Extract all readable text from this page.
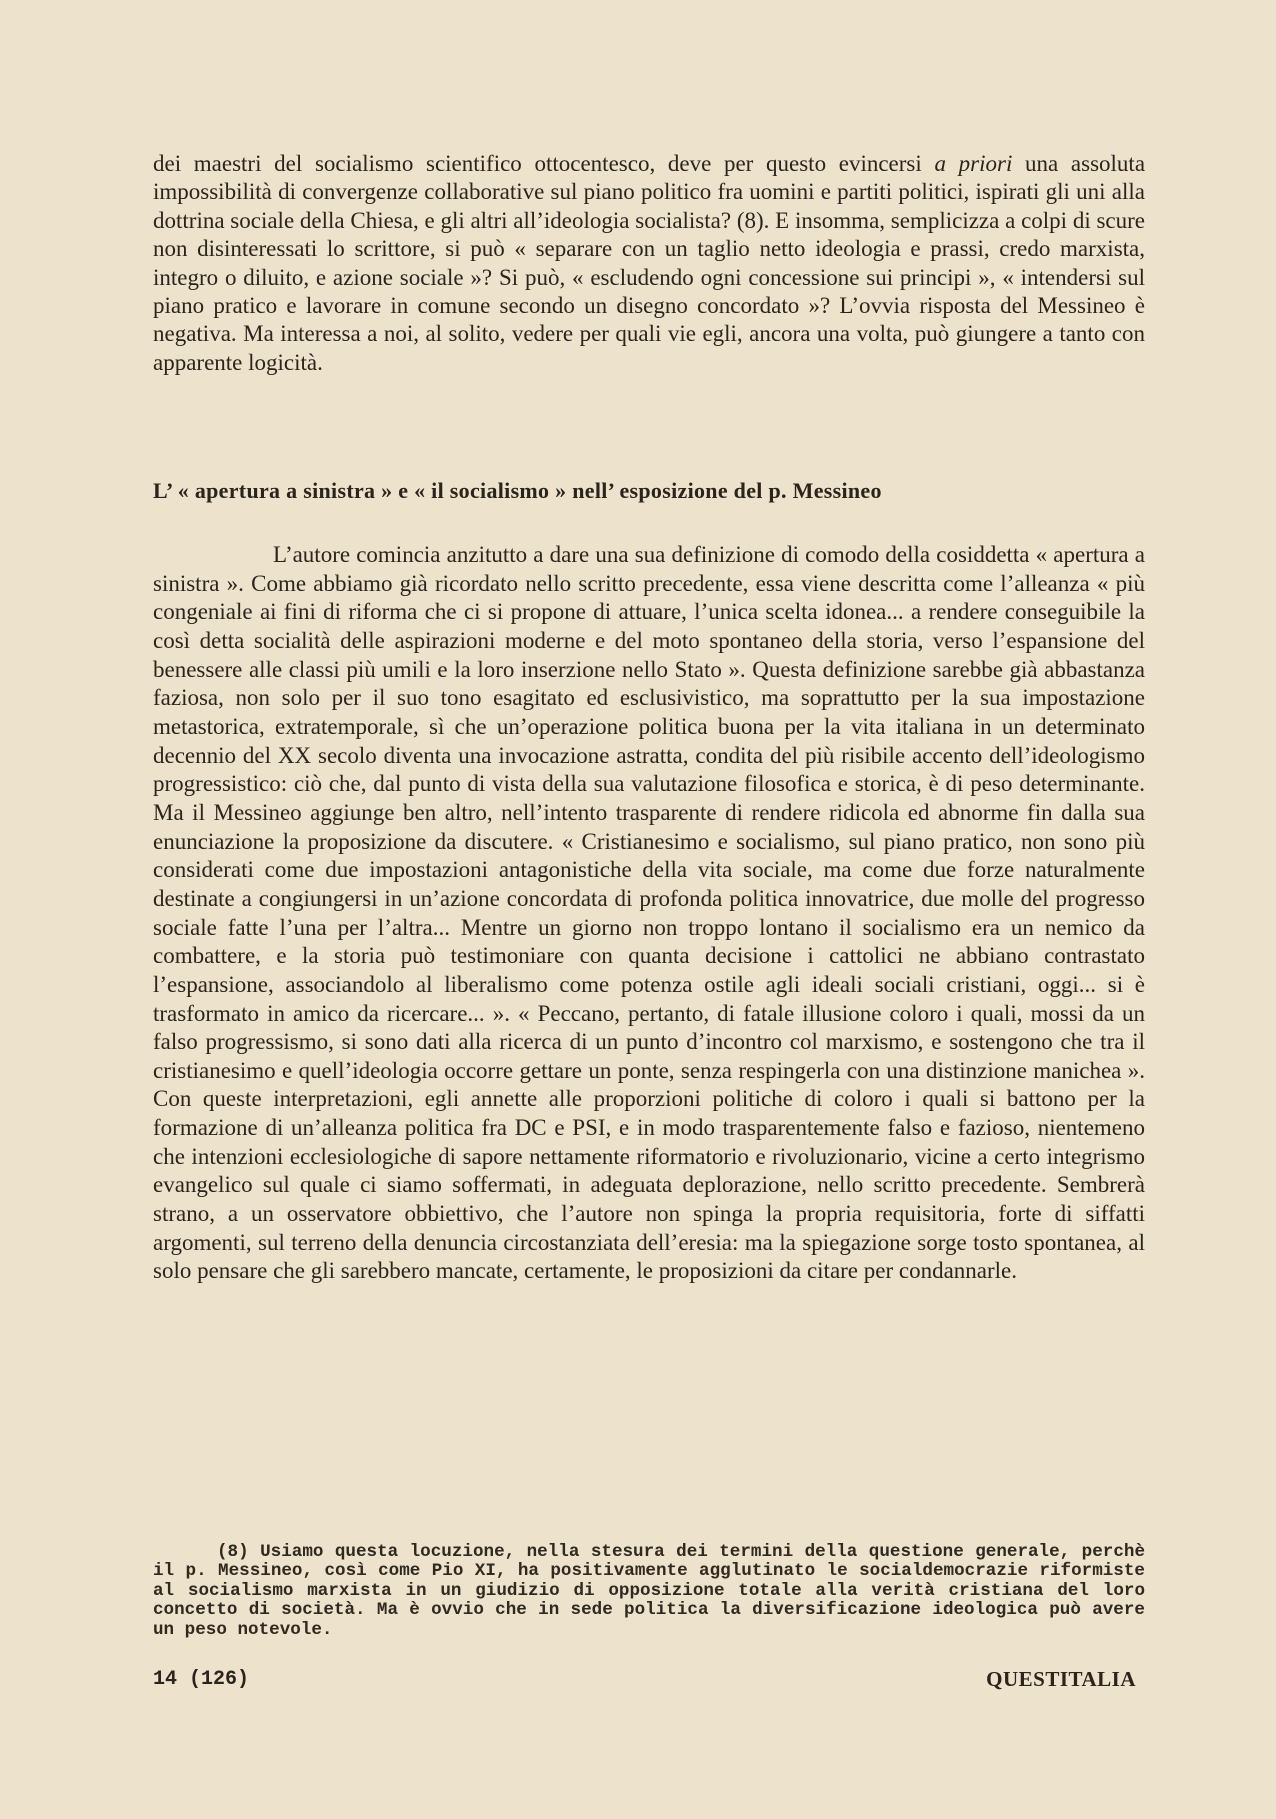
dei maestri del socialismo scientifico ottocentesco, deve per questo evincersi a priori una assoluta impossibilità di convergenze collaborative sul piano politico fra uomini e partiti politici, ispirati gli uni alla dottrina sociale della Chiesa, e gli altri all’ideologia socialista? (8). E insomma, semplicizza a colpi di scure non disinteressati lo scrittore, si può « separare con un taglio netto ideologia e prassi, credo marxista, integro o diluito, e azione sociale »? Si può, « escludendo ogni concessione sui principi », « intendersi sul piano pratico e lavorare in comune secondo un disegno concordato »? L’ovvia risposta del Messineo è negativa. Ma interessa a noi, al solito, vedere per quali vie egli, ancora una volta, può giungere a tanto con apparente logicità.

L’ « apertura a sinistra » e « il socialismo » nell’ esposizione del p. Messineo

L’autore comincia anzitutto a dare una sua definizione di comodo della cosiddetta « apertura a sinistra ». Come abbiamo già ricordato nello scritto precedente, essa viene descritta come l’alleanza « più congeniale ai fini di riforma che ci si propone di attuare, l’unica scelta idonea... a rendere conseguibile la così detta socialità delle aspirazioni moderne e del moto spontaneo della storia, verso l’espansione del benessere alle classi più umili e la loro inserzione nello Stato ». Questa definizione sarebbe già abbastanza faziosa, non solo per il suo tono esagitato ed esclusivistico, ma soprattutto per la sua impostazione metastorica, extratemporale, sì che un’operazione politica buona per la vita italiana in un determinato decennio del XX secolo diventa una invocazione astratta, condita del più risibile accento dell’ideologismo progressistico: ciò che, dal punto di vista della sua valutazione filosofica e storica, è di peso determinante. Ma il Messineo aggiunge ben altro, nell’intento trasparente di rendere ridicola ed abnorme fin dalla sua enunciazione la proposizione da discutere. « Cristianesimo e socialismo, sul piano pratico, non sono più considerati come due impostazioni antagonistiche della vita sociale, ma come due forze naturalmente destinate a congiungersi in un’azione concordata di profonda politica innovatrice, due molle del progresso sociale fatte l’una per l’altra... Mentre un giorno non troppo lontano il socialismo era un nemico da combattere, e la storia può testimoniare con quanta decisione i cattolici ne abbiano contrastato l’espansione, associandolo al liberalismo come potenza ostile agli ideali sociali cristiani, oggi... si è trasformato in amico da ricercare... ». « Peccano, pertanto, di fatale illusione coloro i quali, mossi da un falso progressismo, si sono dati alla ricerca di un punto d’incontro col marxismo, e sostengono che tra il cristianesimo e quell’ideologia occorre gettare un ponte, senza respingerla con una distinzione manichea ». Con queste interpretazioni, egli annette alle proporzioni politiche di coloro i quali si battono per la formazione di un’alleanza politica fra DC e PSI, e in modo trasparentemente falso e fazioso, nientemeno che intenzioni ecclesiologiche di sapore nettamente riformatorio e rivoluzionario, vicine a certo integrismo evangelico sul quale ci siamo soffermati, in adeguata deplorazione, nello scritto precedente. Sembrerà strano, a un osservatore obbiettivo, che l’autore non spinga la propria requisitoria, forte di siffatti argomenti, sul terreno della denuncia circostanziata dell’eresia: ma la spiegazione sorge tosto spontanea, al solo pensare che gli sarebbero mancate, certamente, le proposizioni da citare per condannarle.

(8) Usiamo questa locuzione, nella stesura dei termini della questione generale, perchè il p. Messineo, così come Pio XI, ha positivamente agglutinato le socialdemocrazie riformiste al socialismo marxista in un giudizio di opposizione totale alla verità cristiana del loro concetto di società. Ma è ovvio che in sede politica la diversificazione ideologica può avere un peso notevole.

14 (126)	QUESTITALIA
